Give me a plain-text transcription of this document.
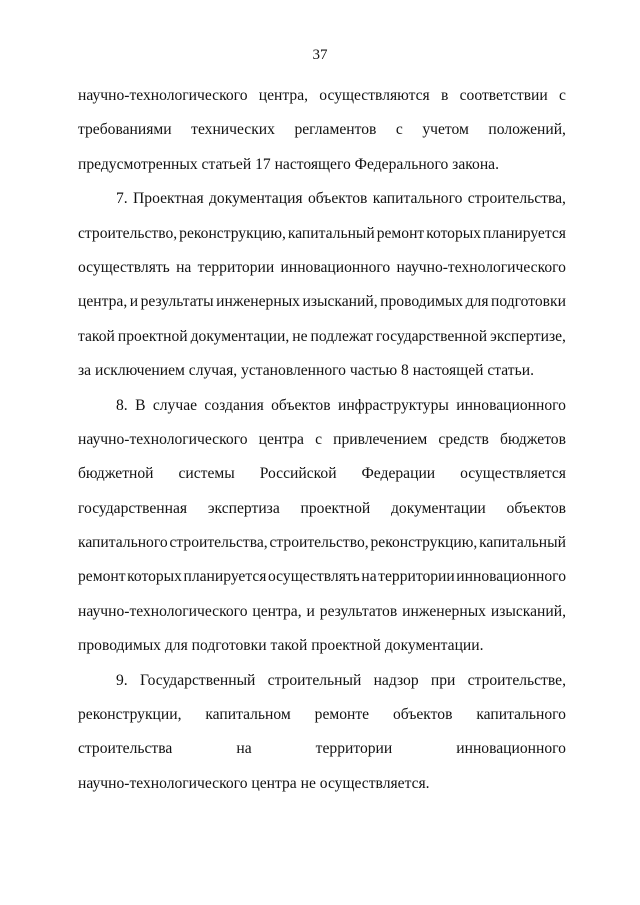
37
научно-технологического центра, осуществляются в соответствии с
требованиями технических регламентов с учетом положений,
предусмотренных статьей 17 настоящего Федерального закона.
7. Проектная документация объектов капитального строительства,
строительство, реконструкцию, капитальный ремонт которых планируется
осуществлять на территории инновационного научно-технологического
центра, и результаты инженерных изысканий, проводимых для подготовки
такой проектной документации, не подлежат государственной экспертизе,
за исключением случая, установленного частью 8 настоящей статьи.
8. В случае создания объектов инфраструктуры инновационного
научно-технологического центра с привлечением средств бюджетов
бюджетной системы Российской Федерации осуществляется
государственная экспертиза проектной документации объектов
капитального строительства, строительство, реконструкцию, капитальный
ремонт которых планируется осуществлять на территории инновационного
научно-технологического центра, и результатов инженерных изысканий,
проводимых для подготовки такой проектной документации.
9. Государственный строительный надзор при строительстве,
реконструкции, капитальном ремонте объектов капитального
строительства	на	территории	инновационного
научно-технологического центра не осуществляется.
